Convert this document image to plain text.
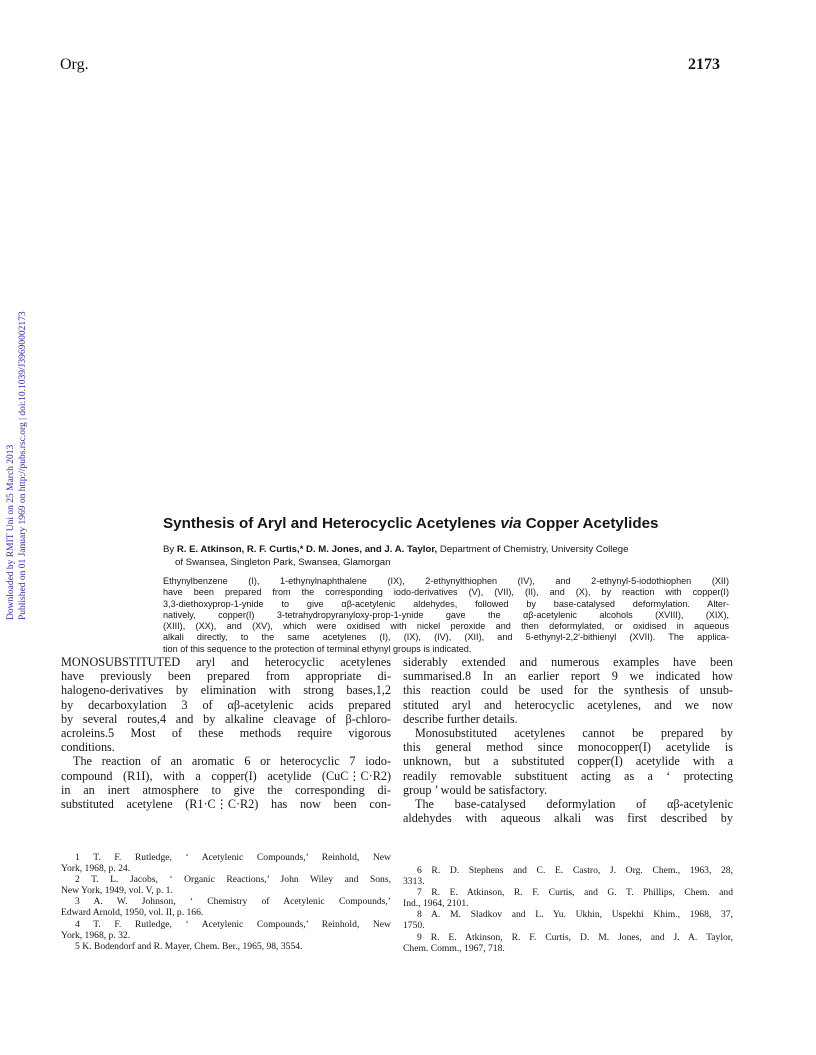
Org.	2173
Downloaded by RMIT Uni on 25 March 2013 Published on 01 January 1969 on http://pubs.rsc.org | doi:10.1039/J39690002173	Synthesis of Aryl and Heterocyclic Acetylenes via Copper Acetylides
By R. E. Atkinson, R. F. Curtis,* D. M. Jones, and J. A. Taylor, Department of Chemistry, University College
of Swansea, Singleton Park, Swansea, Glamorgan
Ethynylbenzene (I), 1-ethynylnaphthalene (IX), 2-ethynylthiophen (IV), and 2-ethynyl-5-iodothiophen (XII)
have been prepared from the corresponding iodo-derivatives (V), (VII), (II), and (X), by reaction with copper(I)
3,3-diethoxyprop-1-ynide to give αβ-acetylenic aldehydes, followed by base-catalysed deformylation. Alter-
natively, copper(I) 3-tetrahydropyranyloxy-prop-1-ynide gave the αβ-acetylenic alcohols (XVIII), (XIX),
(XIII), (XX), and (XV), which were oxidised with nickel peroxide and then deformylated, or oxidised in aqueous
alkali directly, to the same acetylenes (I), (IX), (IV), (XII), and 5-ethynyl-2,2′-bithienyl (XVII). The applica-
tion of this sequence to the protection of terminal ethynyl groups is indicated.
MONOSUBSTITUTED aryl and heterocyclic acetylenes
have previously been prepared from appropriate di-
halogeno-derivatives by elimination with strong bases,1,2
by decarboxylation 3 of αβ-acetylenic acids prepared
by several routes,4 and by alkaline cleavage of β-chloro-
acroleins.5 Most of these methods require vigorous
conditions.
The reaction of an aromatic 6 or heterocyclic 7 iodo-
compound (R1I), with a copper(I) acetylide (CuC⋮C·R2)
in an inert atmosphere to give the corresponding di-
substituted acetylene (R1·C⋮C·R2) has now been con-
siderably extended and numerous examples have been
summarised.8 In an earlier report 9 we indicated how
this reaction could be used for the synthesis of unsub-
stituted aryl and heterocyclic acetylenes, and we now
describe further details.
Monosubstituted acetylenes cannot be prepared by
this general method since monocopper(I) acetylide is
unknown, but a substituted copper(I) acetylide with a
readily removable substituent acting as a ‘ protecting
group ’ would be satisfactory.
The base-catalysed deformylation of αβ-acetylenic
aldehydes with aqueous alkali was first described by
1 T. F. Rutledge, ‘ Acetylenic Compounds,’ Reinhold, New
York, 1968, p. 24.
2 T. L. Jacobs, ‘ Organic Reactions,’ John Wiley and Sons,
New York, 1949, vol. V, p. 1.
3 A. W. Johnson, ‘ Chemistry of Acetylenic Compounds,’
Edward Arnold, 1950, vol. II, p. 166.
4 T. F. Rutledge, ‘ Acetylenic Compounds,’ Reinhold, New
York, 1968, p. 32.
5 K. Bodendorf and R. Mayer, Chem. Ber., 1965, 98, 3554.
6 R. D. Stephens and C. E. Castro, J. Org. Chem., 1963, 28,
3313.
7 R. E. Atkinson, R. F. Curtis, and G. T. Phillips, Chem. and
Ind., 1964, 2101.
8 A. M. Sladkov and L. Yu. Ukhin, Uspekhi Khim., 1968, 37,
1750.
9 R. E. Atkinson, R. F. Curtis, D. M. Jones, and J. A. Taylor,
Chem. Comm., 1967, 718.
